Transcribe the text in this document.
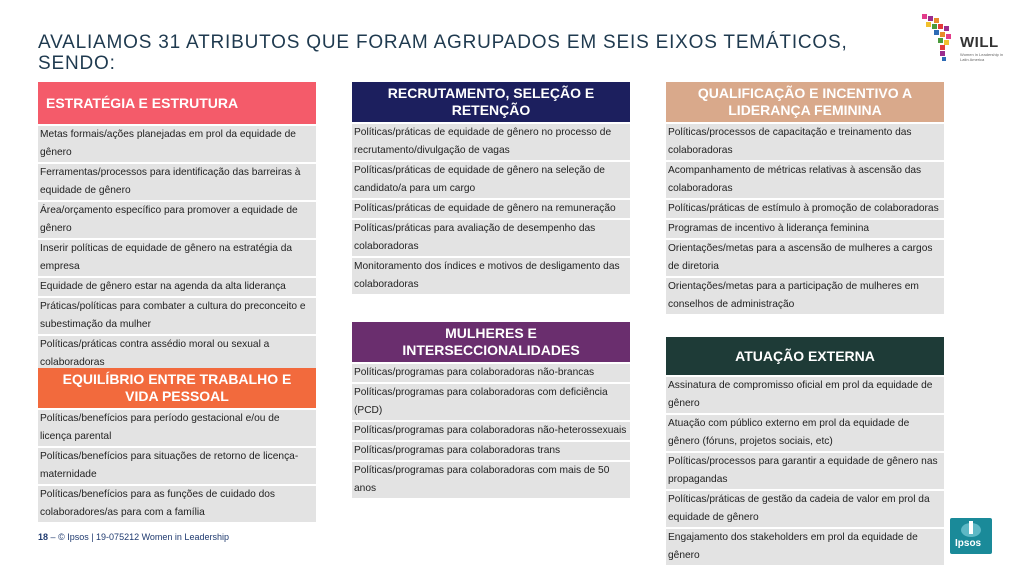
AVALIAMOS 31 ATRIBUTOS QUE FORAM AGRUPADOS EM SEIS EIXOS TEMÁTICOS, SENDO:
WILL
Women in Leadership in Latin America
ESTRATÉGIA E ESTRUTURA
Metas formais/ações planejadas em prol da equidade de gênero
Ferramentas/processos para identificação das barreiras à equidade de gênero
Área/orçamento específico para promover a equidade de gênero
Inserir políticas de equidade de gênero na estratégia da empresa
Equidade de gênero estar na agenda da alta liderança
Práticas/políticas para combater a cultura do preconceito e subestimação da mulher
Políticas/práticas contra assédio moral ou sexual a colaboradoras
EQUILÍBRIO ENTRE TRABALHO E VIDA PESSOAL
Políticas/benefícios para período gestacional e/ou de licença parental
Políticas/benefícios para situações de retorno de licença-maternidade
Políticas/benefícios para as funções de cuidado dos colaboradores/as para com a família
RECRUTAMENTO, SELEÇÃO E RETENÇÃO
Políticas/práticas de equidade de gênero no processo de recrutamento/divulgação de vagas
Políticas/práticas de equidade de gênero na seleção de candidato/a para um cargo
Políticas/práticas de equidade de gênero na remuneração
Políticas/práticas para avaliação de desempenho das colaboradoras
Monitoramento dos índices e motivos de desligamento das colaboradoras
MULHERES E INTERSECCIONALIDADES
Políticas/programas para colaboradoras não-brancas
Políticas/programas para colaboradoras com deficiência (PCD)
Políticas/programas para colaboradoras não-heterossexuais
Políticas/programas para colaboradoras trans
Políticas/programas para colaboradoras com mais de 50 anos
QUALIFICAÇÃO E INCENTIVO A LIDERANÇA FEMININA
Políticas/processos de capacitação e treinamento das colaboradoras
Acompanhamento de métricas relativas à ascensão das colaboradoras
Políticas/práticas de estímulo à promoção de colaboradoras
Programas de incentivo à liderança feminina
Orientações/metas para a ascensão de mulheres a cargos de diretoria
Orientações/metas para a participação de mulheres em conselhos de administração
ATUAÇÃO EXTERNA
Assinatura de compromisso oficial em prol da equidade de gênero
Atuação com público externo em prol da equidade de gênero (fóruns, projetos sociais, etc)
Políticas/processos para garantir a equidade de gênero nas propagandas
Políticas/práticas de gestão da cadeia de valor em prol da equidade de gênero
Engajamento dos stakeholders em prol da equidade de gênero
18 – © Ipsos | 19-075212 Women in Leadership
Ipsos
